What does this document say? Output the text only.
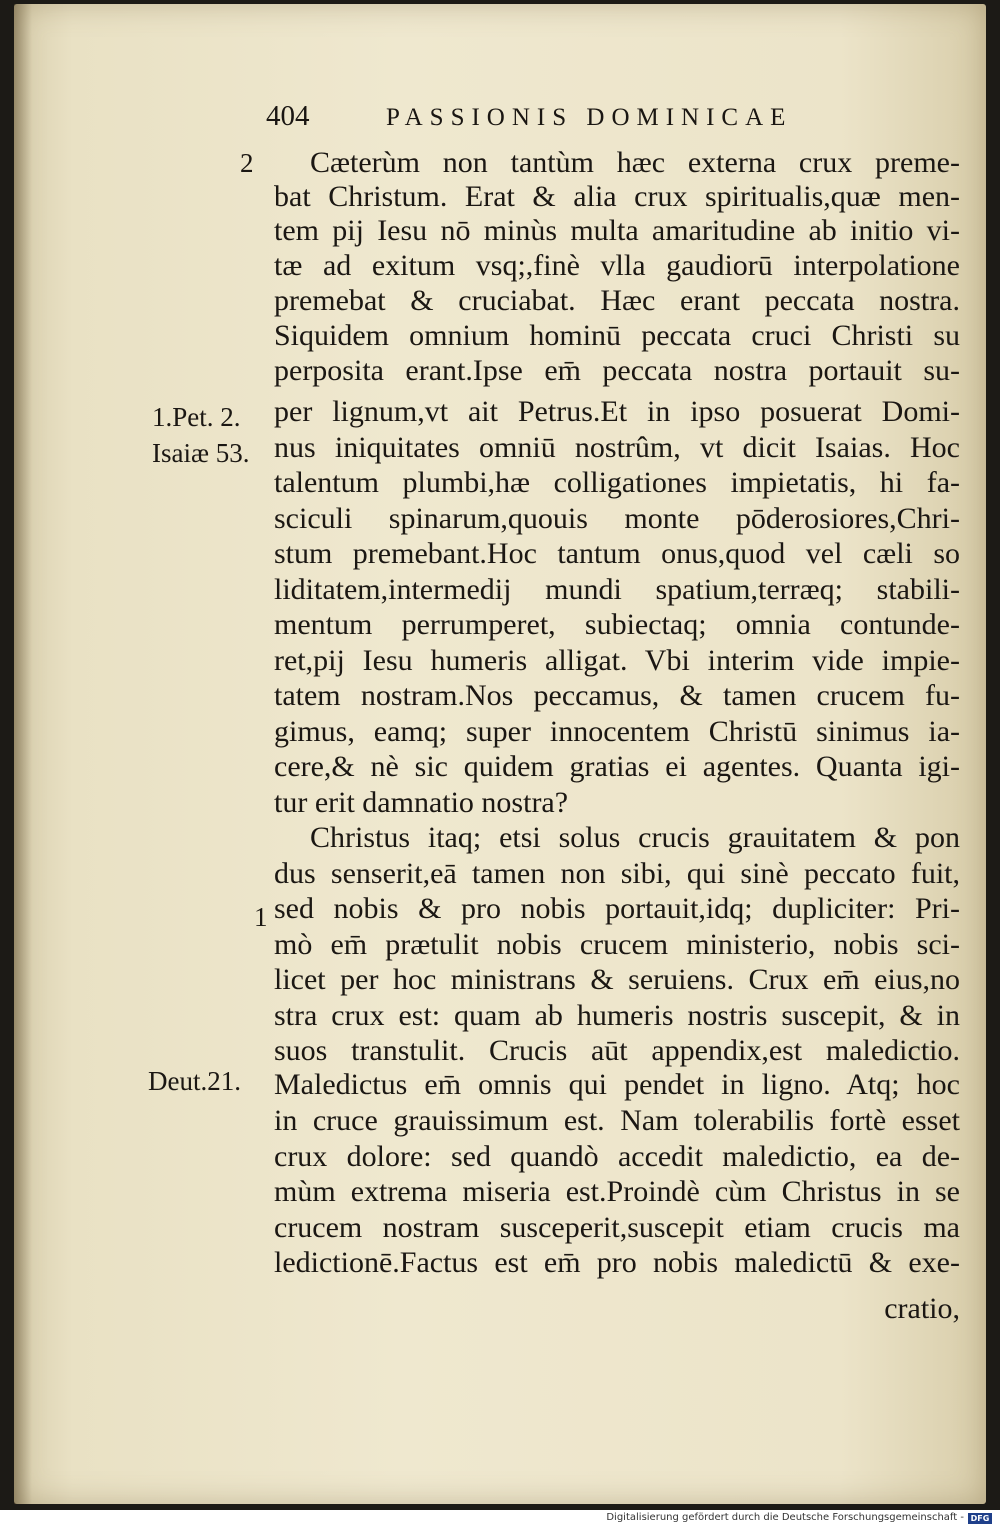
404	PASSIONIS DOMINICAE
2
1.Pet. 2.
Isaiæ 53.
1
Deut.21.
Cæterùm non tantùm hæc externa crux preme-
bat Christum. Erat & alia crux spiritualis,quæ men-
tem pij Iesu nō minùs multa amaritudine ab initio vi-
tæ ad exitum vsq;,finè vlla gaudiorū interpolatione
premebat & cruciabat. Hæc erant peccata nostra.
Siquidem omnium hominū peccata cruci Christi su
perposita erant.Ipse em̄ peccata nostra portauit su-
per lignum,vt ait Petrus.Et in ipso posuerat Domi-
nus iniquitates omniū nostrûm, vt dicit Isaias. Hoc
talentum plumbi,hæ colligationes impietatis, hi fa-
sciculi spinarum,quouis monte pōderosiores,Chri-
stum premebant.Hoc tantum onus,quod vel cæli so
liditatem,intermedij mundi spatium,terræq; stabili-
mentum perrumperet, subiectaq; omnia contunde-
ret,pij Iesu humeris alligat. Vbi interim vide impie-
tatem nostram.Nos peccamus, & tamen crucem fu-
gimus, eamq; super innocentem Christū sinimus ia-
cere,& nè sic quidem gratias ei agentes. Quanta igi-
tur erit damnatio nostra?
Christus itaq; etsi solus crucis grauitatem & pon
dus senserit,eā tamen non sibi, qui sinè peccato fuit,
sed nobis & pro nobis portauit,idq; dupliciter: Pri-
mò em̄ prætulit nobis crucem ministerio, nobis sci-
licet per hoc ministrans & seruiens. Crux em̄ eius,no
stra crux est: quam ab humeris nostris suscepit, & in
suos transtulit. Crucis aūt appendix,est maledictio.
Maledictus em̄ omnis qui pendet in ligno. Atq; hoc
in cruce grauissimum est. Nam tolerabilis fortè esset
crux dolore: sed quandò accedit maledictio, ea de-
mùm extrema miseria est.Proindè cùm Christus in se
crucem nostram susceperit,suscepit etiam crucis ma
ledictionē.Factus est em̄ pro nobis maledictū & exe-
cratio,
Digitalisierung gefördert durch die Deutsche Forschungsgemeinschaft - DFG
